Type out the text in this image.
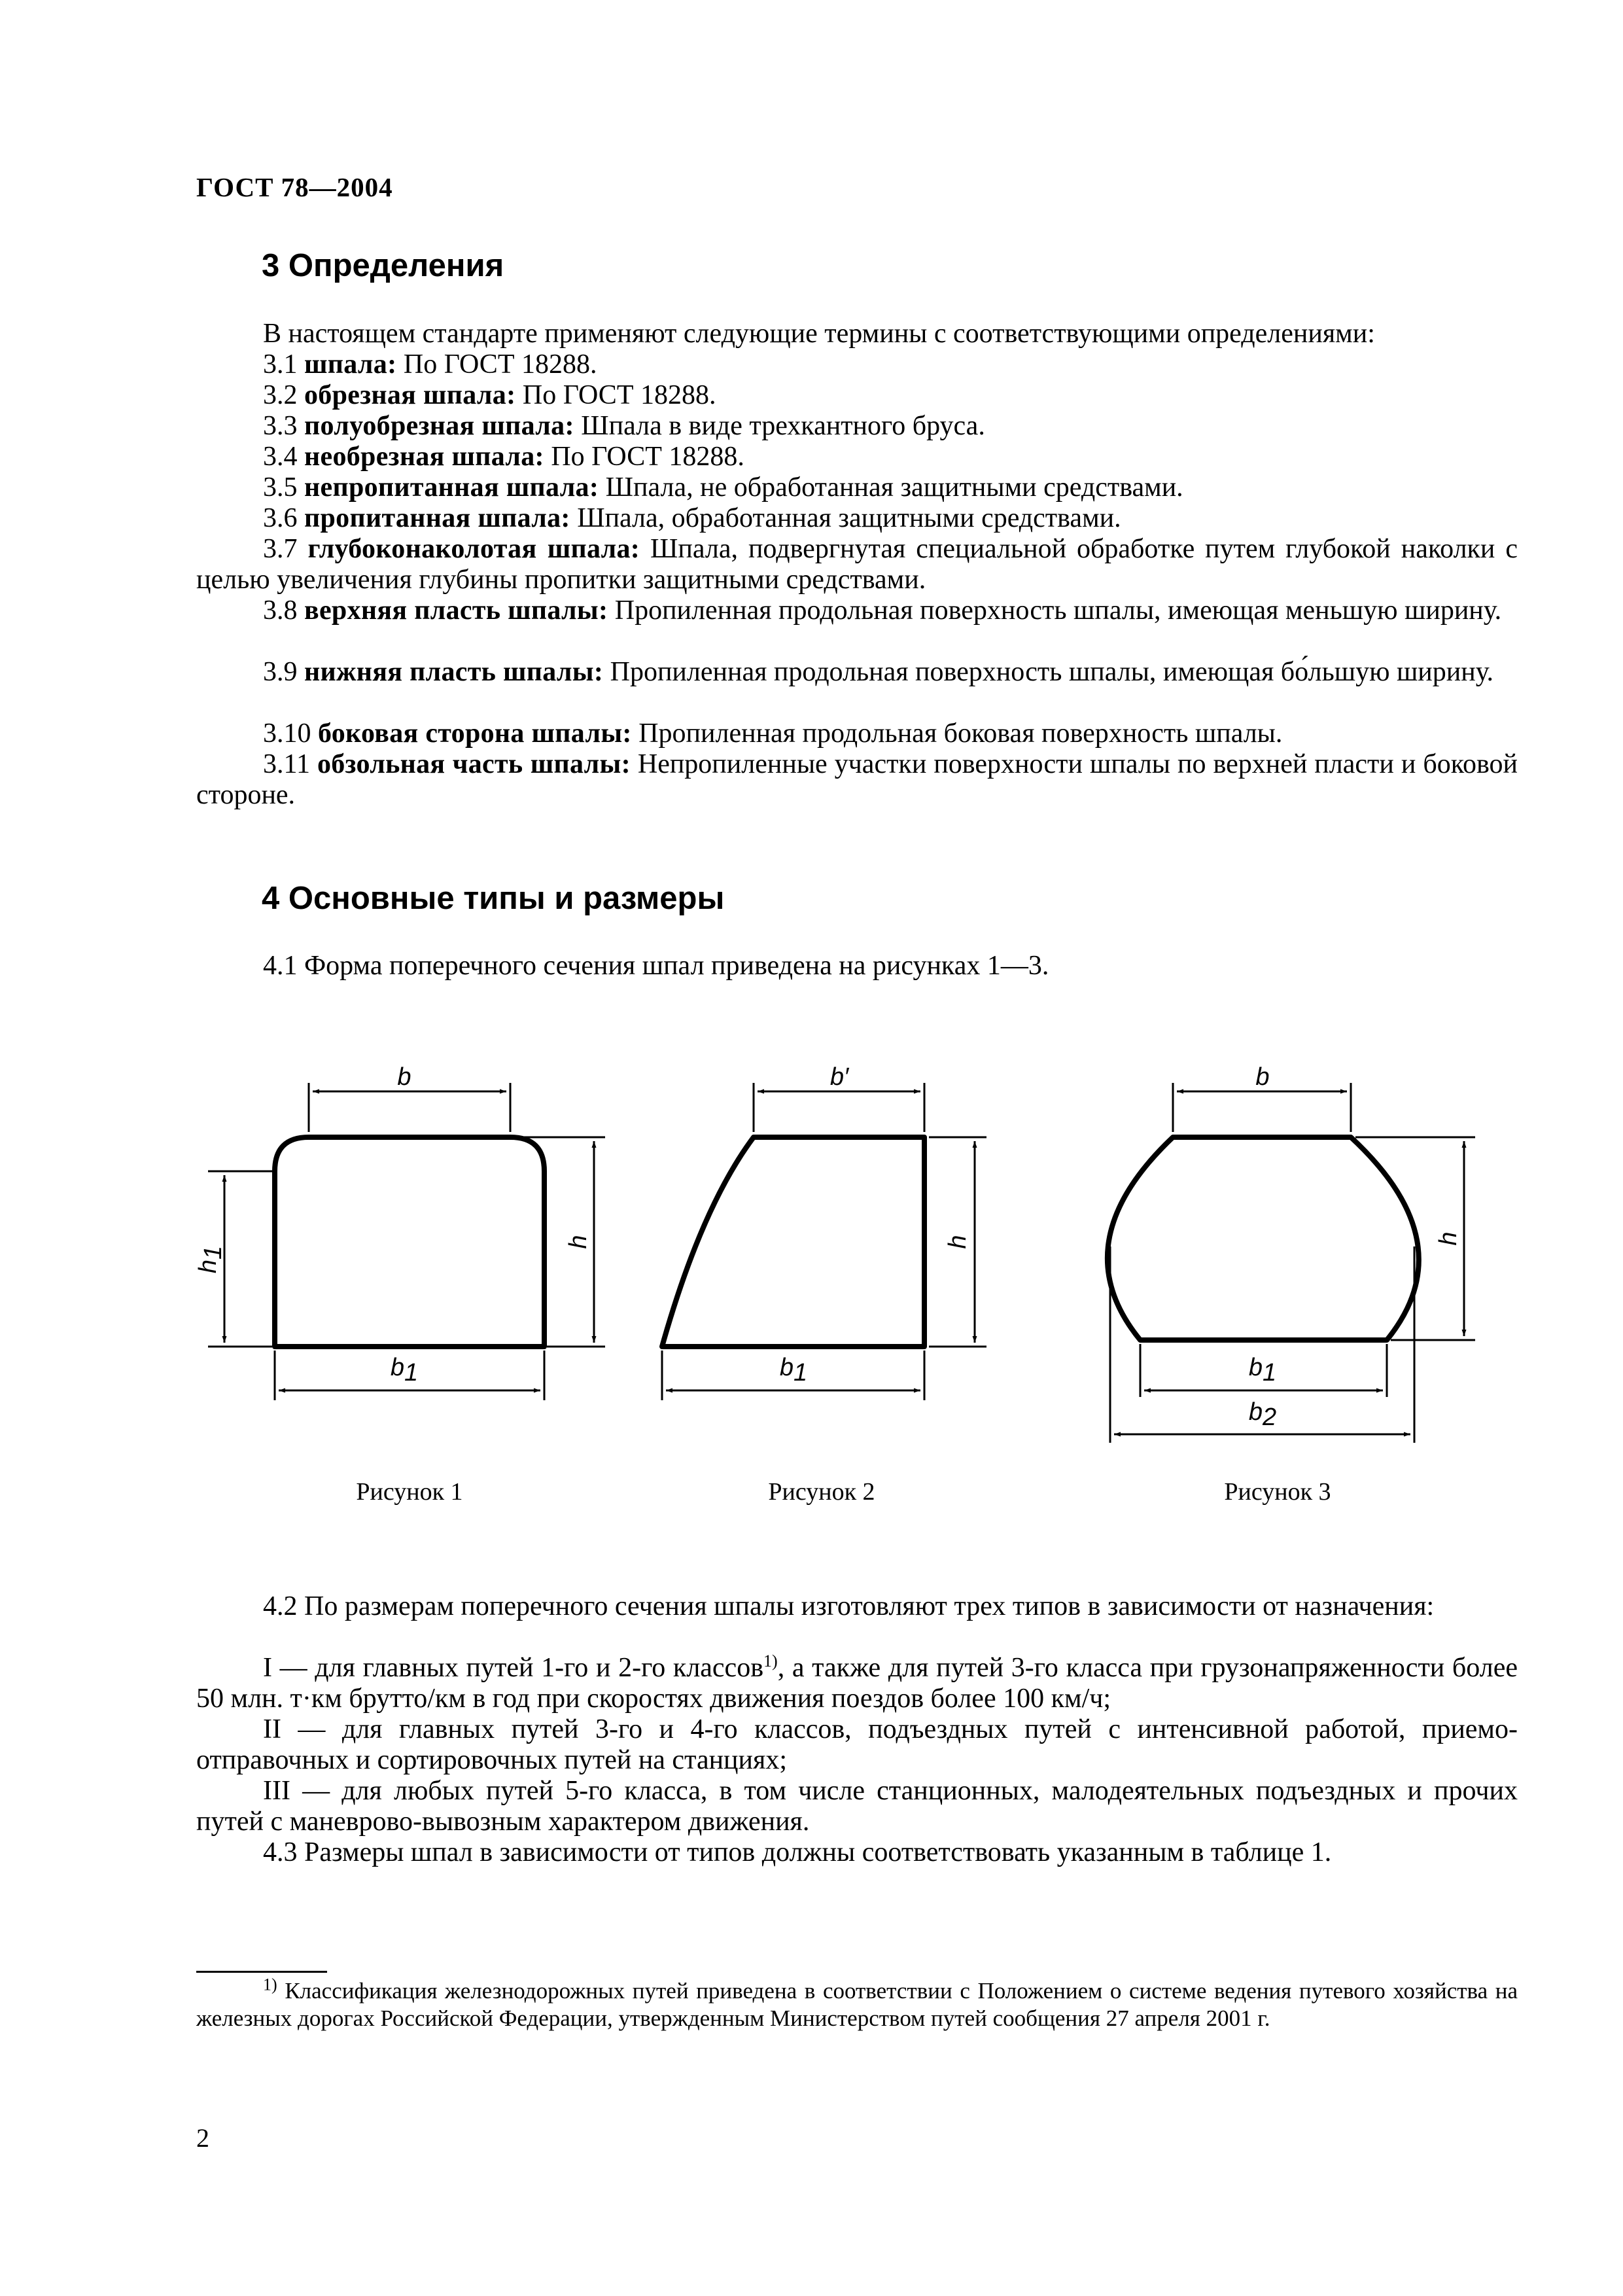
ГОСТ 78—2004
3 Определения
В настоящем стандарте применяют следующие термины с соответствующими определениями:
3.1 шпала: По ГОСТ 18288.
3.2 обрезная шпала: По ГОСТ 18288.
3.3 полуобрезная шпала: Шпала в виде трехкантного бруса.
3.4 необрезная шпала: По ГОСТ 18288.
3.5 непропитанная шпала: Шпала, не обработанная защитными средствами.
3.6 пропитанная шпала: Шпала, обработанная защитными средствами.
3.7 глубоконаколотая шпала: Шпала, подвергнутая специальной обработке путем глубокой наколки с целью увеличения глубины пропитки защитными средствами.
3.8 верхняя пласть шпалы: Пропиленная продольная поверхность шпалы, имеющая меньшую ширину.
3.9 нижняя пласть шпалы: Пропиленная продольная поверхность шпалы, имеющая бо́льшую ширину.
3.10 боковая сторона шпалы: Пропиленная продольная боковая поверхность шпалы.
3.11 обзольная часть шпалы: Непропиленные участки поверхности шпалы по верхней пласти и боковой стороне.
4 Основные типы и размеры
4.1 Форма поперечного сечения шпал приведена на рисунках 1—3.
b
h
h1
b1
b′
h
b1
b
h
b1
b2
Рисунок 1	Рисунок 2	Рисунок 3
4.2 По размерам поперечного сечения шпалы изготовляют трех типов в зависимости от назначения:
I — для главных путей 1-го и 2-го классов$^{1)}$, а также для путей 3-го класса при грузонапряженности более 50 млн. т·км брутто/км в год при скоростях движения поездов более 100 км/ч;
II — для главных путей 3-го и 4-го классов, подъездных путей с интенсивной работой, приемо-отправочных и сортировочных путей на станциях;
III — для любых путей 5-го класса, в том числе станционных, малодеятельных подъездных и прочих путей с маневрово-вывозным характером движения.
4.3 Размеры шпал в зависимости от типов должны соответствовать указанным в таблице 1.
$^{1)}$ Классификация железнодорожных путей приведена в соответствии с Положением о системе ведения путевого хозяйства на железных дорогах Российской Федерации, утвержденным Министерством путей сообщения 27 апреля 2001 г.
2
